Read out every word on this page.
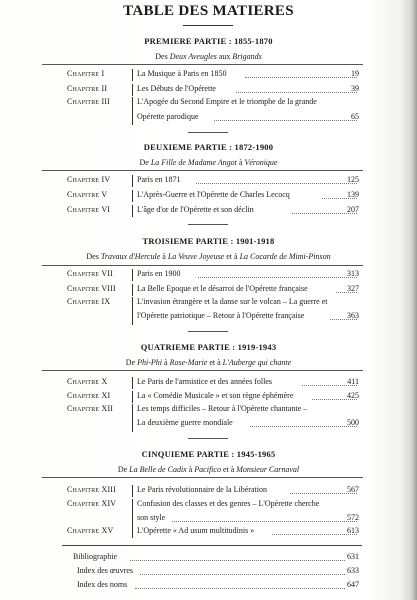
TABLE DES MATIERES
PREMIERE PARTIE : 1855-1870
Des Deux Aveugles aux Brigands
Chapitre I	La Musique à Paris en 1850	19
Chapitre II	Les Débuts de l'Opérette	39
Chapitre III	L'Apogée du Second Empire et le triomphe de la grande
Opérette parodique	65
DEUXIEME PARTIE : 1872-1900
De La Fille de Madame Angot à Véronique
Chapitre IV	Paris en 1871	125
Chapitre V	L'Après-Guerre et l'Opérette de Charles Lecocq	139
Chapitre VI	L'âge d'or de l'Opérette et son déclin	207
TROISIEME PARTIE : 1901-1918
Des Travaux d'Hercule à La Veuve Joyeuse et à La Cocarde de Mimi-Pinson
Chapitre VII	Paris en 1900	313
Chapitre VIII	La Belle Epoque et le désarroi de l'Opérette française	327
Chapitre IX	L'invasion étrangère et la danse sur le volcan – La guerre et
l'Opérette patriotique – Retour à l'Opérette française	363
QUATRIEME PARTIE : 1919-1943
De Phi-Phi à Rose-Marie et à L'Auberge qui chante
Chapitre X	Le Paris de l'armistice et des années folles	411
Chapitre XI	La « Comédie Musicale » et son règne éphémère	425
Chapitre XII	Les temps difficiles – Retour à l'Opérette chantante –
La deuxième guerre mondiale	500
CINQUIEME PARTIE : 1945-1965
De La Belle de Cadix à Pacifico et à Monsieur Carnaval
Chapitre XIII	Le Paris révolutionnaire de la Libération	567
Chapitre XIV	Confusion des classes et des genres – L'Opérette cherche
son style	572
Chapitre XV	L'Opérette « Ad usum multitudinis »	613
Bibliographie	631
Index des œuvres	633
Index des noms	647
